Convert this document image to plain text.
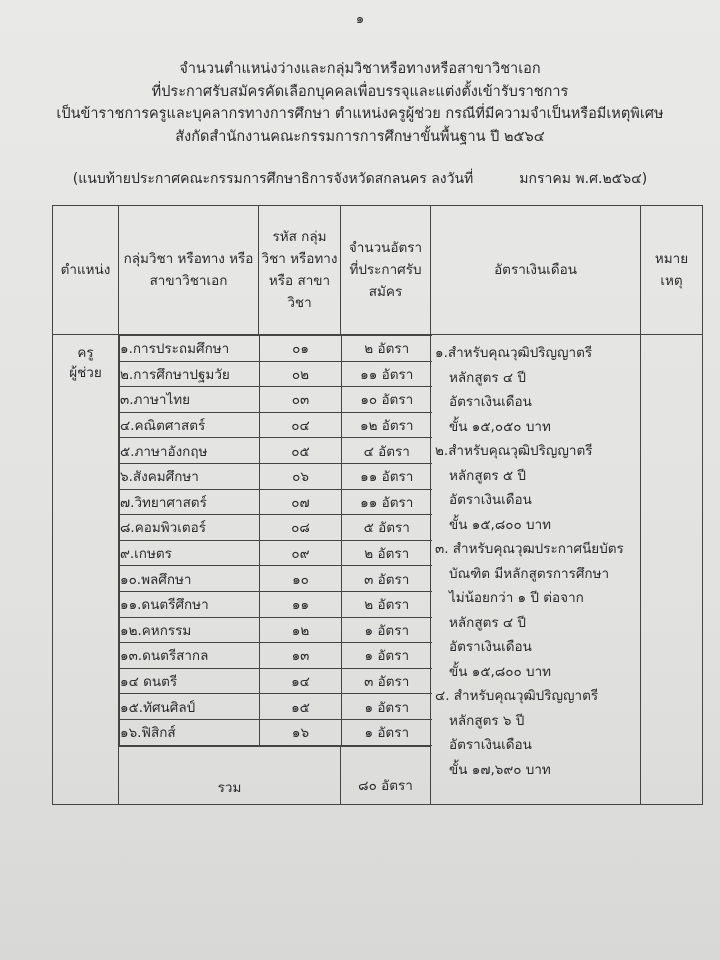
๑
จำนวนตำแหน่งว่างและกลุ่มวิชาหรือทางหรือสาขาวิชาเอก
ที่ประกาศรับสมัครคัดเลือกบุคคลเพื่อบรรจุและแต่งตั้งเข้ารับราชการ
เป็นข้าราชการครูและบุคลากรทางการศึกษา ตำแหน่งครูผู้ช่วย กรณีที่มีความจำเป็นหรือมีเหตุพิเศษ
สังกัดสำนักงานคณะกรรมการการศึกษาขั้นพื้นฐาน ปี ๒๕๖๔
(แนบท้ายประกาศคณะกรรมการศึกษาธิการจังหวัดสกลนคร ลงวันที่	มกราคม พ.ศ.๒๕๖๔)
ตำแหน่ง	กลุ่มวิชา หรือทาง หรือสาขาวิชาเอก	รหัส กลุ่มวิชา หรือทาง หรือ สาขาวิชา	จำนวนอัตรา ที่ประกาศรับ สมัคร	อัตราเงินเดือน	หมาย เหตุ

ครู
ผู้ช่วย

๑.การประถมศึกษา	๐๑	๒ อัตรา
๒.การศึกษาปฐมวัย	๐๒	๑๑ อัตรา
๓.ภาษาไทย	๐๓	๑๐ อัตรา
๔.คณิตศาสตร์	๐๔	๑๒ อัตรา
๕.ภาษาอังกฤษ	๐๕	๔ อัตรา
๖.สังคมศึกษา	๐๖	๑๑ อัตรา
๗.วิทยาศาสตร์	๐๗	๑๑ อัตรา
๘.คอมพิวเตอร์	๐๘	๕ อัตรา
๙.เกษตร	๐๙	๒ อัตรา
๑๐.พลศึกษา	๑๐	๓ อัตรา
๑๑.ดนตรีศึกษา	๑๑	๒ อัตรา
๑๒.คหกรรม	๑๒	๑ อัตรา
๑๓.ดนตรีสากล	๑๓	๑ อัตรา
๑๔ ดนตรี	๑๔	๓ อัตรา
๑๕.ทัศนศิลป์	๑๕	๑ อัตรา
๑๖.ฟิสิกส์	๑๖	๑ อัตรา

๑.สำหรับคุณวุฒิปริญญาตรี
หลักสูตร ๔ ปี
อัตราเงินเดือน
ขั้น ๑๕,๐๕๐ บาท
๒.สำหรับคุณวุฒิปริญญาตรี
หลักสูตร ๕ ปี
อัตราเงินเดือน
ขั้น ๑๕,๘๐๐ บาท
๓. สำหรับคุณวุฒประกาศนียบัตร
บัณฑิต มีหลักสูตรการศึกษา
ไม่น้อยกว่า ๑ ปี ต่อจาก
หลักสูตร ๔ ปี
อัตราเงินเดือน
ขั้น ๑๕,๘๐๐ บาท
๔. สำหรับคุณวุฒิปริญญาตรี
หลักสูตร ๖ ปี
อัตราเงินเดือน
ขั้น ๑๗,๖๙๐ บาท

รวม	๘๐ อัตรา
